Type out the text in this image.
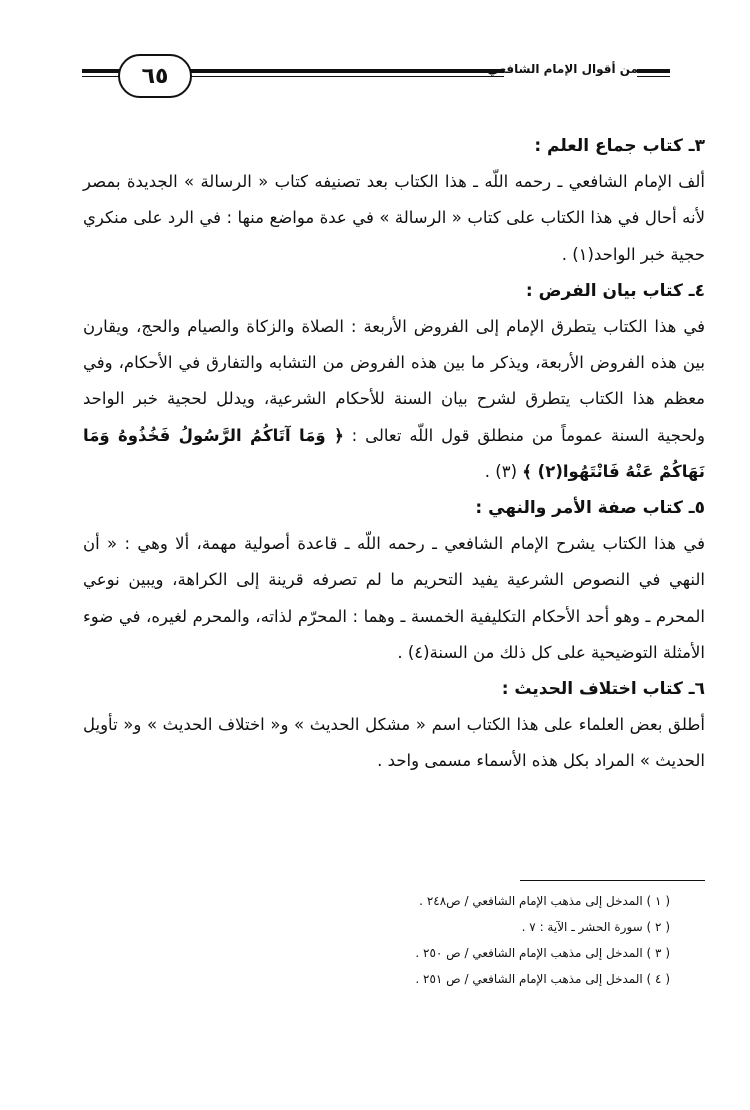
٦٥	من أقوال الإمام الشافعي
٣ـ كتاب جماع العلم :

ألف الإمام الشافعي ـ رحمه اللّه ـ هذا الكتاب بعد تصنيفه كتاب « الرسالة » الجديدة بمصر لأنه أحال في هذا الكتاب على كتاب « الرسالة » في عدة مواضع منها : في الرد على منكري حجية خبر الواحد(١) .

٤ـ كتاب بيان الفرض :

في هذا الكتاب يتطرق الإمام إلى الفروض الأربعة : الصلاة والزكاة والصيام والحج، ويقارن بين هذه الفروض الأربعة، ويذكر ما بين هذه الفروض من التشابه والتفارق في الأحكام، وفي معظم هذا الكتاب يتطرق لشرح بيان السنة للأحكام الشرعية، ويدلل لحجية خبر الواحد ولحجية السنة عموماً من منطلق قول اللّه تعالى : ﴿ وَمَا آتَاكُمُ الرَّسُولُ فَخُذُوهُ وَمَا نَهَاكُمْ عَنْهُ فَانْتَهُوا(٢) ﴾ (٣) .

٥ـ كتاب صفة الأمر والنهي :

في هذا الكتاب يشرح الإمام الشافعي ـ رحمه اللّه ـ قاعدة أصولية مهمة، ألا وهي : « أن النهي في النصوص الشرعية يفيد التحريم ما لم تصرفه قرينة إلى الكراهة، ويبين نوعي المحرم ـ وهو أحد الأحكام التكليفية الخمسة ـ وهما : المحرّم لذاته، والمحرم لغيره، في ضوء الأمثلة التوضيحية على كل ذلك من السنة(٤) .

٦ـ كتاب اختلاف الحديث :

أطلق بعض العلماء على هذا الكتاب اسم « مشكل الحديث » و« اختلاف الحديث » و« تأويل الحديث » المراد بكل هذه الأسماء مسمى واحد .

( ١ ) المدخل إلى مذهب الإمام الشافعي / ص٢٤٨ .
( ٢ ) سورة الحشر ـ الآية : ٧ .
( ٣ ) المدخل إلى مذهب الإمام الشافعي / ص ٢٥٠ .
( ٤ ) المدخل إلى مذهب الإمام الشافعي / ص ٢٥١ .
